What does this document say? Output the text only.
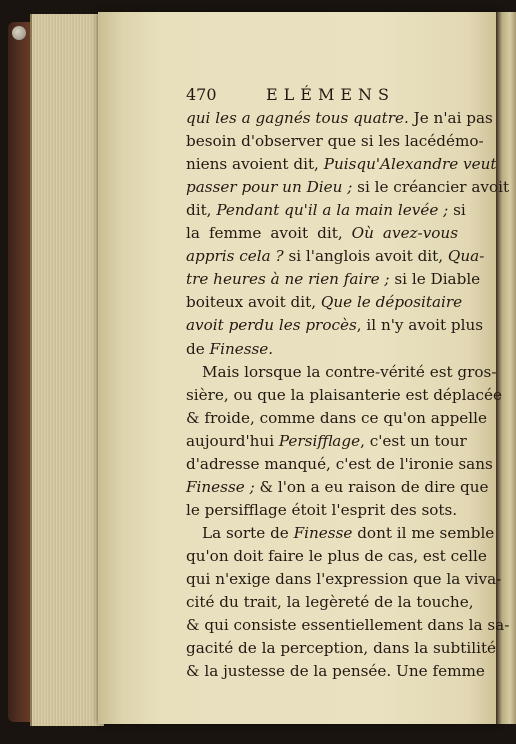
470	ELÉMENS
qui les a gagnés tous quatre. Je n'ai pas
besoin d'observer que si les lacédémo-
niens avoient dit, Puisqu'Alexandre veut
passer pour un Dieu ; si le créancier avoit
dit, Pendant qu'il a la main levée ; si
la femme avoit dit, Où avez-vous
appris cela ? si l'anglois avoit dit, Qua-
tre heures à ne rien faire ; si le Diable
boiteux avoit dit, Que le dépositaire
avoit perdu les procès, il n'y avoit plus
de Finesse.
Mais lorsque la contre-vérité est gros-
sière, ou que la plaisanterie est déplacée
& froide, comme dans ce qu'on appelle
aujourd'hui Persifflage, c'est un tour
d'adresse manqué, c'est de l'ironie sans
Finesse ; & l'on a eu raison de dire que
le persifflage étoit l'esprit des sots.
La sorte de Finesse dont il me semble
qu'on doit faire le plus de cas, est celle
qui n'exige dans l'expression que la viva-
cité du trait, la legèreté de la touche,
& qui consiste essentiellement dans la sa-
gacité de la perception, dans la subtilité
& la justesse de la pensée. Une femme
